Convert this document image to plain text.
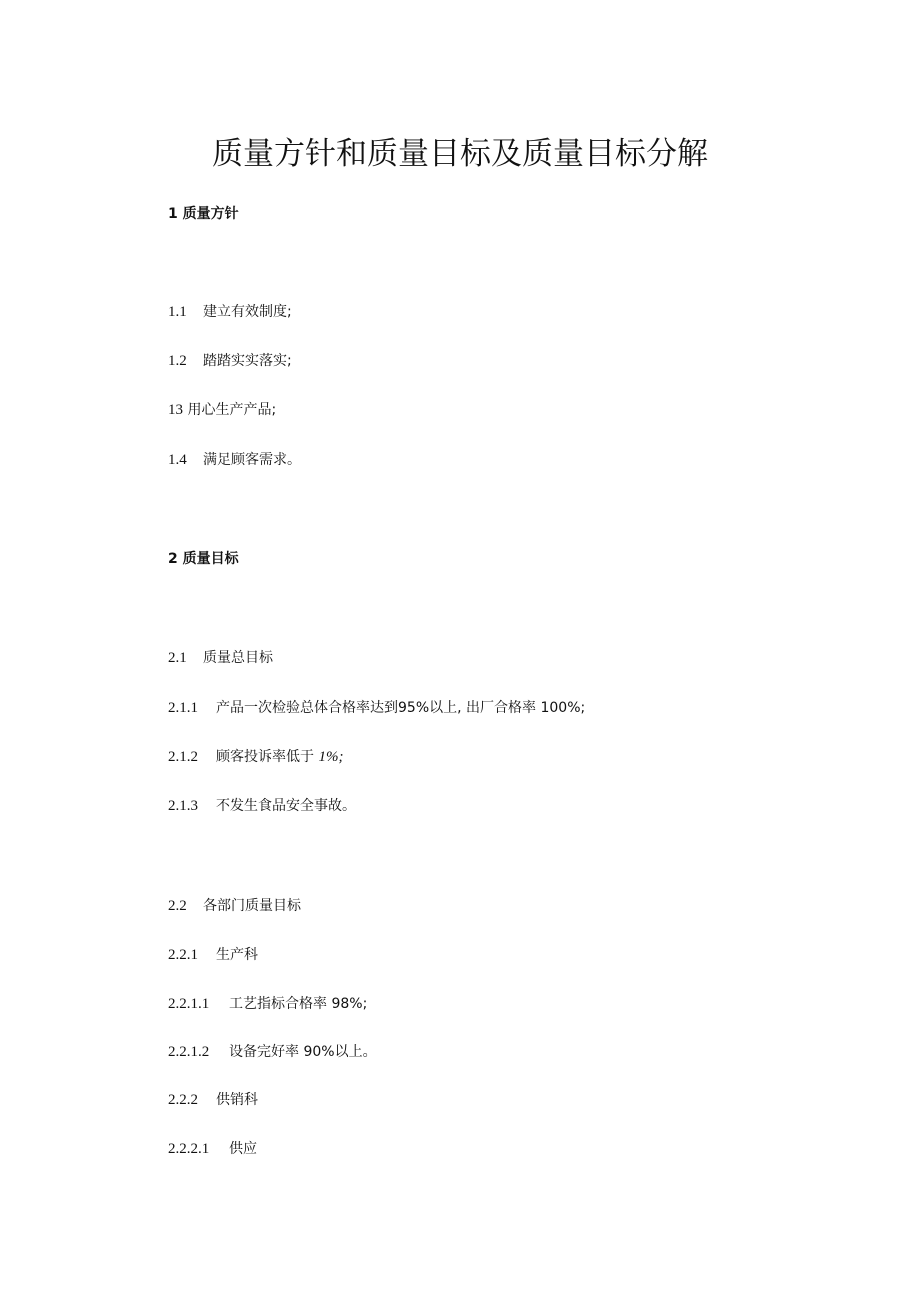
质量方针和质量目标及质量目标分解
1 质量方针
1.1 建立有效制度;
1.2 踏踏实实落实;
13 用心生产产品;
1.4 满足顾客需求。
2 质量目标
2.1 质量总目标
2.1.1 产品一次检验总体合格率达到95%以上, 出厂合格率 100%;
2.1.2 顾客投诉率低于 1%;
2.1.3 不发生食品安全事故。
2.2 各部门质量目标
2.2.1 生产科
2.2.1.1 工艺指标合格率 98%;
2.2.1.2 设备完好率 90%以上。
2.2.2 供销科
2.2.2.1 供应
